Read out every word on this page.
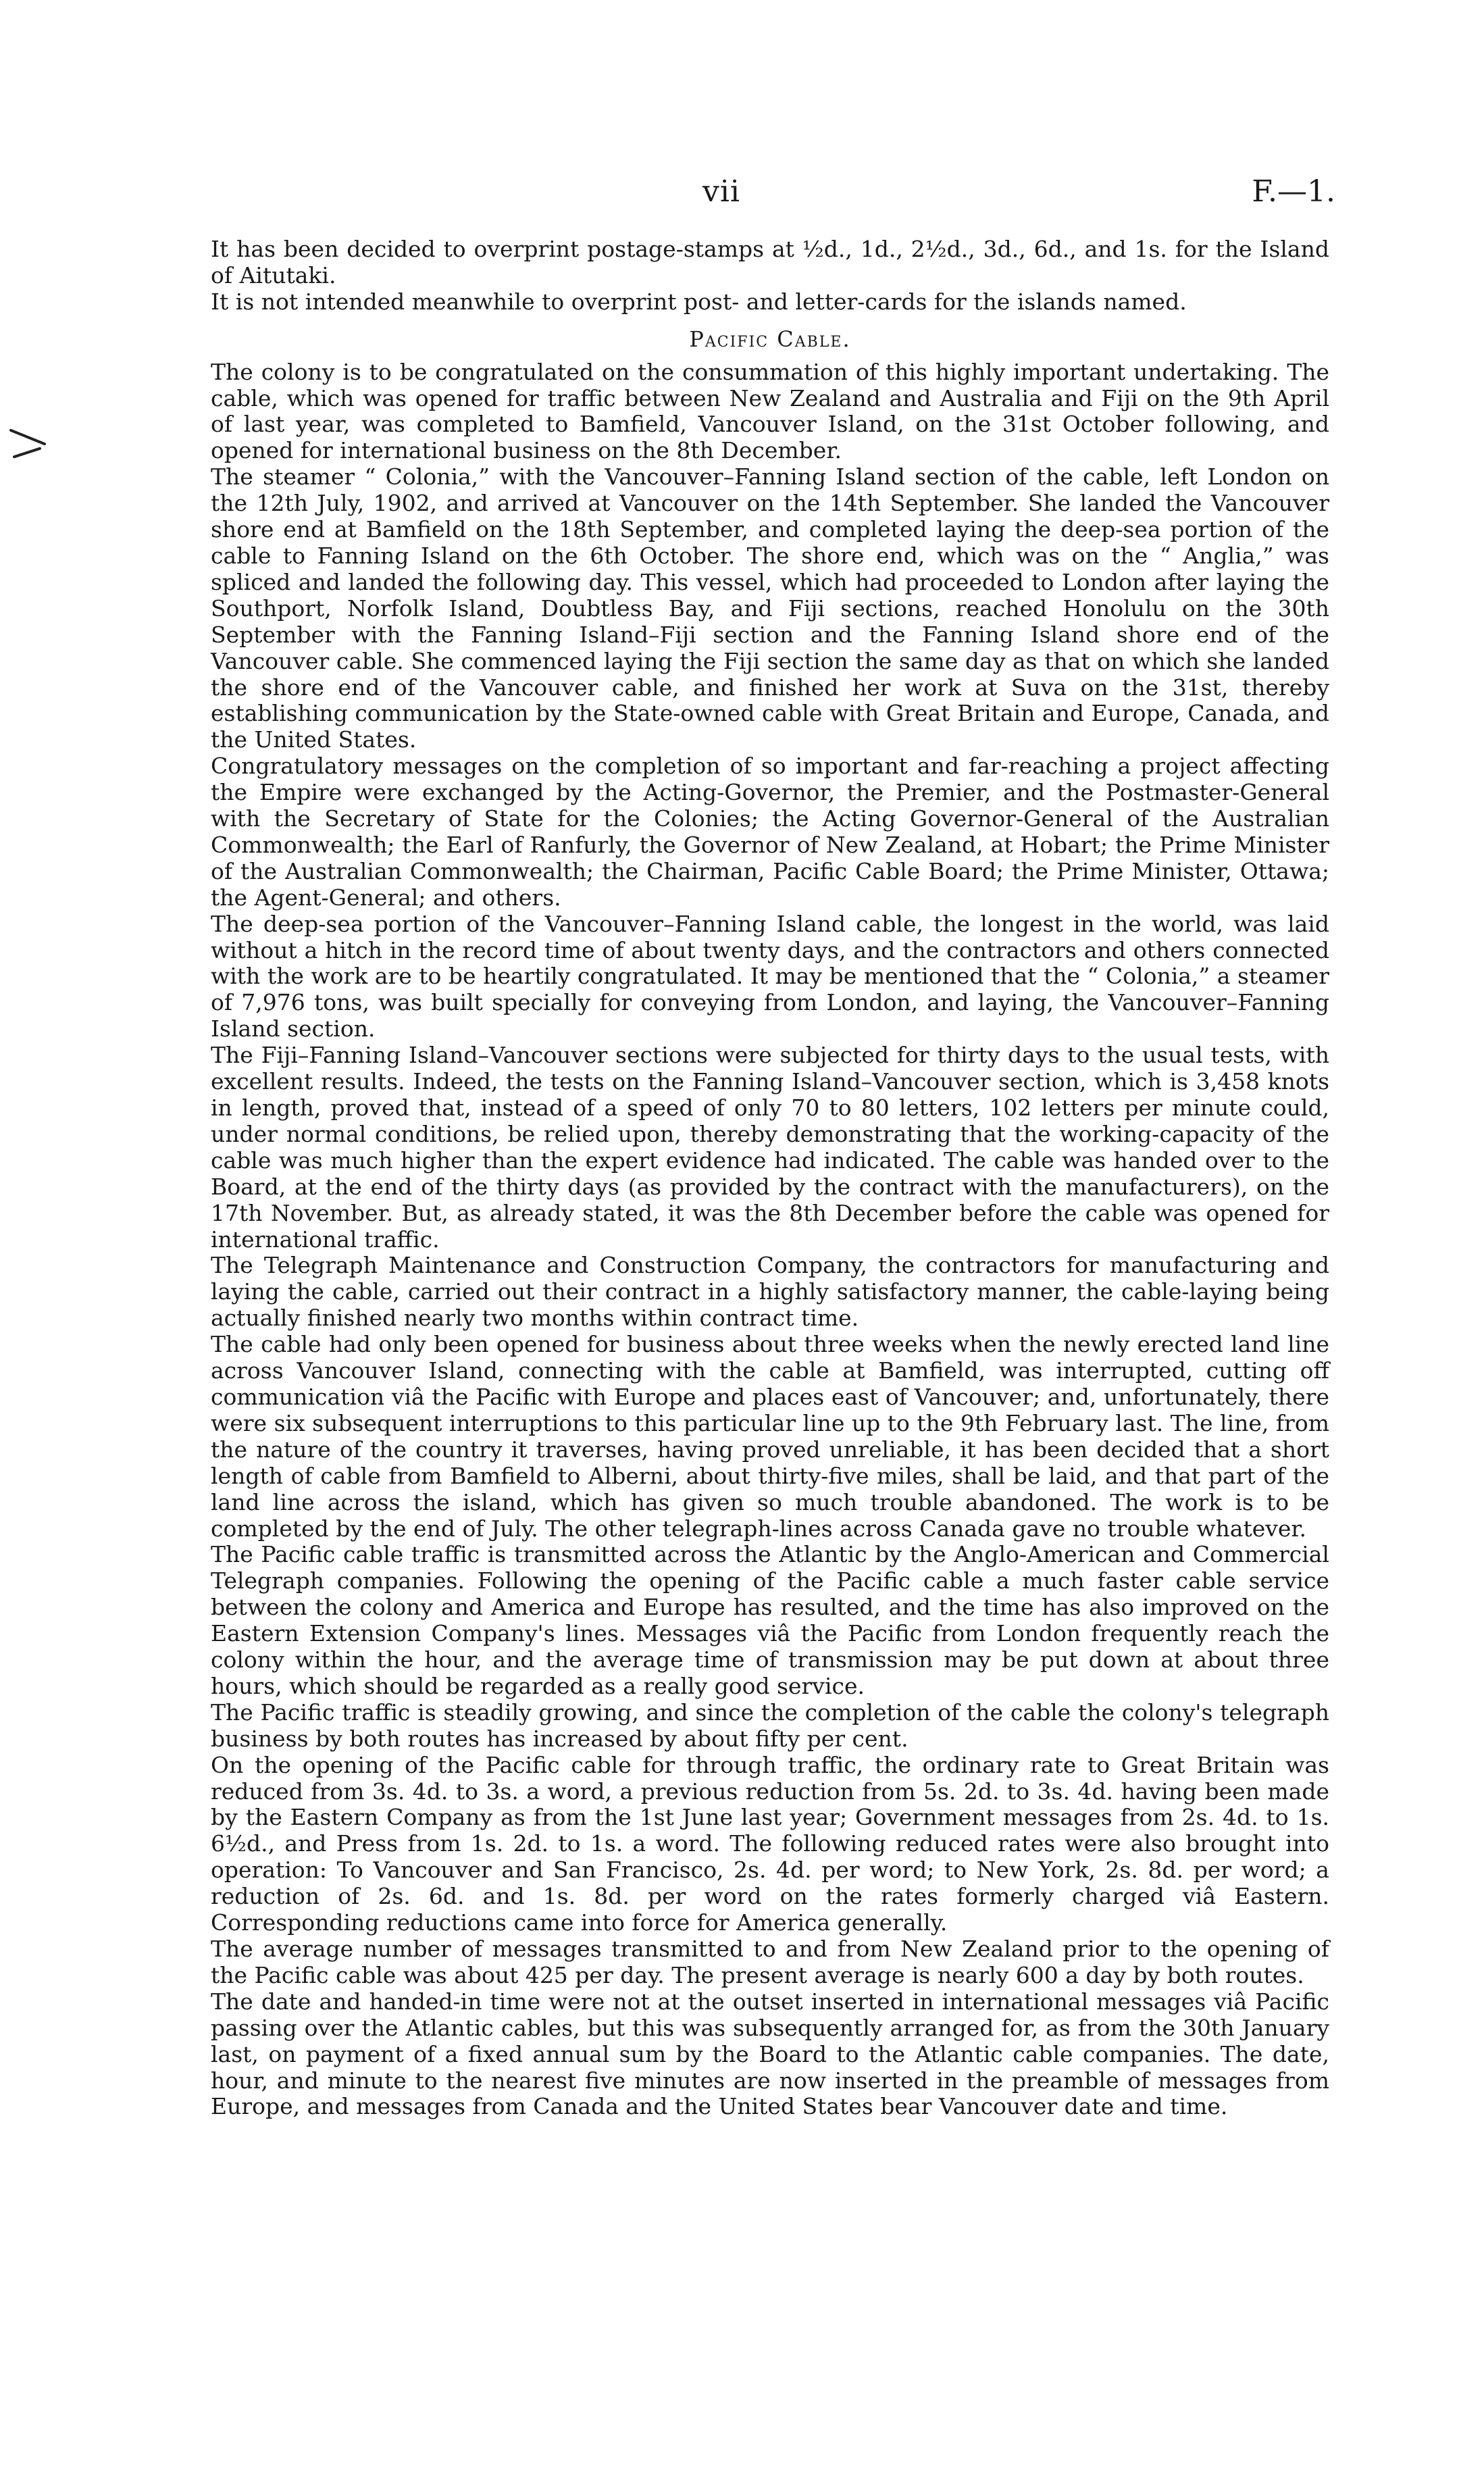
vii	F.—1.

It has been decided to overprint postage-stamps at ½d., 1d., 2½d., 3d., 6d., and 1s. for the Island of Aitutaki.

It is not intended meanwhile to overprint post- and letter-cards for the islands named.

Pacific Cable.

The colony is to be congratulated on the consummation of this highly important undertaking. The cable, which was opened for traffic between New Zealand and Australia and Fiji on the 9th April of last year, was completed to Bamfield, Vancouver Island, on the 31st October following, and opened for international business on the 8th December.

The steamer “ Colonia,” with the Vancouver–Fanning Island section of the cable, left London on the 12th July, 1902, and arrived at Vancouver on the 14th September. She landed the Vancouver shore end at Bamfield on the 18th September, and completed laying the deep-sea portion of the cable to Fanning Island on the 6th October. The shore end, which was on the “ Anglia,” was spliced and landed the following day. This vessel, which had proceeded to London after laying the Southport, Norfolk Island, Doubtless Bay, and Fiji sections, reached Honolulu on the 30th September with the Fanning Island–Fiji section and the Fanning Island shore end of the Vancouver cable. She commenced laying the Fiji section the same day as that on which she landed the shore end of the Vancouver cable, and finished her work at Suva on the 31st, thereby establishing communication by the State-owned cable with Great Britain and Europe, Canada, and the United States.

Congratulatory messages on the completion of so important and far-reaching a project affecting the Empire were exchanged by the Acting-Governor, the Premier, and the Postmaster-General with the Secretary of State for the Colonies; the Acting Governor-General of the Australian Commonwealth; the Earl of Ranfurly, the Governor of New Zealand, at Hobart; the Prime Minister of the Australian Commonwealth; the Chairman, Pacific Cable Board; the Prime Minister, Ottawa; the Agent-General; and others.

The deep-sea portion of the Vancouver–Fanning Island cable, the longest in the world, was laid without a hitch in the record time of about twenty days, and the contractors and others connected with the work are to be heartily congratulated. It may be mentioned that the “ Colonia,” a steamer of 7,976 tons, was built specially for conveying from London, and laying, the Vancouver–Fanning Island section.

The Fiji–Fanning Island–Vancouver sections were subjected for thirty days to the usual tests, with excellent results. Indeed, the tests on the Fanning Island–Vancouver section, which is 3,458 knots in length, proved that, instead of a speed of only 70 to 80 letters, 102 letters per minute could, under normal conditions, be relied upon, thereby demonstrating that the working-capacity of the cable was much higher than the expert evidence had indicated. The cable was handed over to the Board, at the end of the thirty days (as provided by the contract with the manufacturers), on the 17th November. But, as already stated, it was the 8th December before the cable was opened for international traffic.

The Telegraph Maintenance and Construction Company, the contractors for manufacturing and laying the cable, carried out their contract in a highly satisfactory manner, the cable-laying being actually finished nearly two months within contract time.

The cable had only been opened for business about three weeks when the newly erected land line across Vancouver Island, connecting with the cable at Bamfield, was interrupted, cutting off communication viâ the Pacific with Europe and places east of Vancouver; and, unfortunately, there were six subsequent interruptions to this particular line up to the 9th February last. The line, from the nature of the country it traverses, having proved unreliable, it has been decided that a short length of cable from Bamfield to Alberni, about thirty-five miles, shall be laid, and that part of the land line across the island, which has given so much trouble abandoned. The work is to be completed by the end of July. The other telegraph-lines across Canada gave no trouble whatever.

The Pacific cable traffic is transmitted across the Atlantic by the Anglo-American and Commercial Telegraph companies. Following the opening of the Pacific cable a much faster cable service between the colony and America and Europe has resulted, and the time has also improved on the Eastern Extension Company's lines. Messages viâ the Pacific from London frequently reach the colony within the hour, and the average time of transmission may be put down at about three hours, which should be regarded as a really good service.

The Pacific traffic is steadily growing, and since the completion of the cable the colony's telegraph business by both routes has increased by about fifty per cent.

On the opening of the Pacific cable for through traffic, the ordinary rate to Great Britain was reduced from 3s. 4d. to 3s. a word, a previous reduction from 5s. 2d. to 3s. 4d. having been made by the Eastern Company as from the 1st June last year; Government messages from 2s. 4d. to 1s. 6½d., and Press from 1s. 2d. to 1s. a word. The following reduced rates were also brought into operation: To Vancouver and San Francisco, 2s. 4d. per word; to New York, 2s. 8d. per word; a reduction of 2s. 6d. and 1s. 8d. per word on the rates formerly charged viâ Eastern. Corresponding reductions came into force for America generally.

The average number of messages transmitted to and from New Zealand prior to the opening of the Pacific cable was about 425 per day. The present average is nearly 600 a day by both routes.

The date and handed-in time were not at the outset inserted in international messages viâ Pacific passing over the Atlantic cables, but this was subsequently arranged for, as from the 30th January last, on payment of a fixed annual sum by the Board to the Atlantic cable companies. The date, hour, and minute to the nearest five minutes are now inserted in the preamble of messages from Europe, and messages from Canada and the United States bear Vancouver date and time.
